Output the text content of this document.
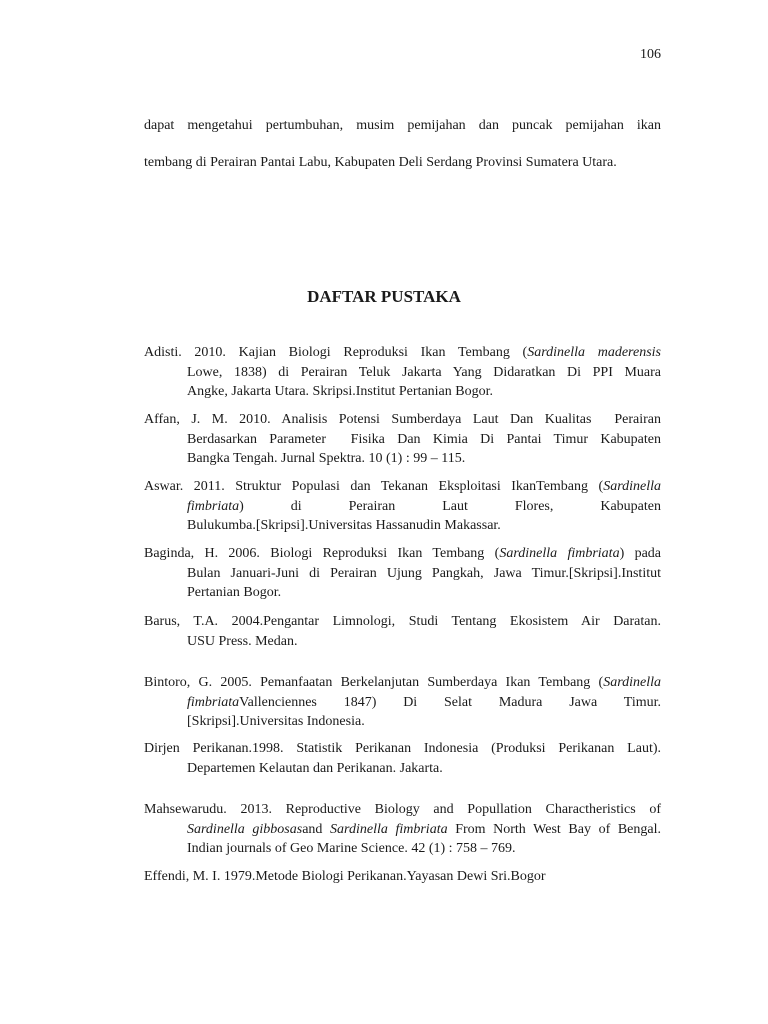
106
dapat mengetahui pertumbuhan, musim pemijahan dan puncak pemijahan ikan
tembang di Perairan Pantai Labu, Kabupaten Deli Serdang Provinsi Sumatera Utara.
DAFTAR PUSTAKA
Adisti. 2010. Kajian Biologi Reproduksi Ikan Tembang (Sardinella maderensis
Lowe, 1838) di Perairan Teluk Jakarta Yang Didaratkan Di PPI Muara
Angke, Jakarta Utara. Skripsi.Institut Pertanian Bogor.
Affan, J. M. 2010. Analisis Potensi Sumberdaya Laut Dan Kualitas  Perairan
Berdasarkan Parameter  Fisika Dan Kimia Di Pantai Timur Kabupaten
Bangka Tengah. Jurnal Spektra. 10 (1) : 99 – 115.
Aswar. 2011. Struktur Populasi dan Tekanan Eksploitasi IkanTembang (Sardinella
fimbriata)        di        Perairan        Laut        Flores,        Kabupaten
Bulukumba.[Skripsi].Universitas Hassanudin Makassar.
Baginda, H. 2006. Biologi Reproduksi Ikan Tembang (Sardinella fimbriata) pada
Bulan Januari-Juni di Perairan Ujung Pangkah, Jawa Timur.[Skripsi].Institut
Pertanian Bogor.
Barus, T.A. 2004.Pengantar Limnologi, Studi Tentang Ekosistem Air Daratan.
USU Press. Medan.
Bintoro, G. 2005. Pemanfaatan Berkelanjutan Sumberdaya Ikan Tembang (Sardinella
fimbriataVallenciennes    1847)    Di    Selat    Madura    Jawa    Timur.
[Skripsi].Universitas Indonesia.
Dirjen Perikanan.1998. Statistik Perikanan Indonesia (Produksi Perikanan Laut).
Departemen Kelautan dan Perikanan. Jakarta.
Mahsewarudu. 2013. Reproductive Biology and Popullation Charactheristics of
Sardinella gibbosasand Sardinella fimbriata From North West Bay of Bengal.
Indian journals of Geo Marine Science. 42 (1) : 758 – 769.
Effendi, M. I. 1979.Metode Biologi Perikanan.Yayasan Dewi Sri.Bogor
